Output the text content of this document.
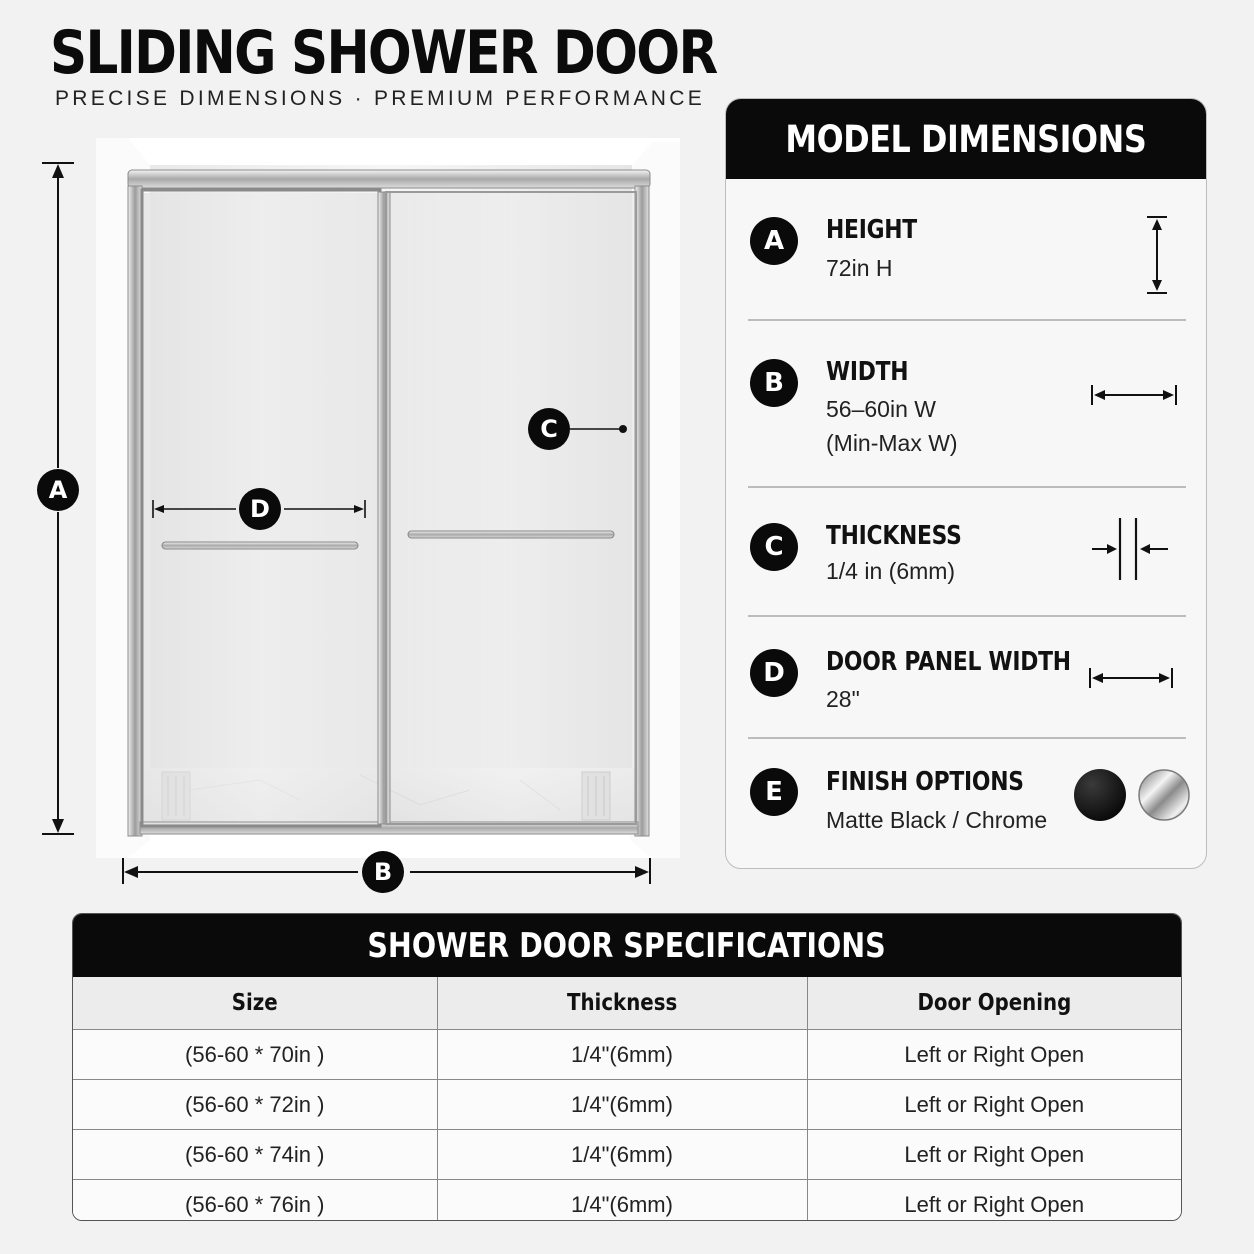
SLIDING SHOWER DOOR
PRECISE DIMENSIONS · PREMIUM PERFORMANCE
A
B
C
D
MODEL DIMENSIONS
A	HEIGHT
72in H
B	WIDTH
56–60in W
(Min-Max W)
C	THICKNESS
1/4 in (6mm)
D	DOOR PANEL WIDTH
28"
E	FINISH OPTIONS
Matte Black / Chrome
SHOWER DOOR SPECIFICATIONS
Size	Thickness	Door Opening
(56-60 * 70in )	1/4"(6mm)	Left or Right Open
(56-60 * 72in )	1/4"(6mm)	Left or Right Open
(56-60 * 74in )	1/4"(6mm)	Left or Right Open
(56-60 * 76in )	1/4"(6mm)	Left or Right Open
